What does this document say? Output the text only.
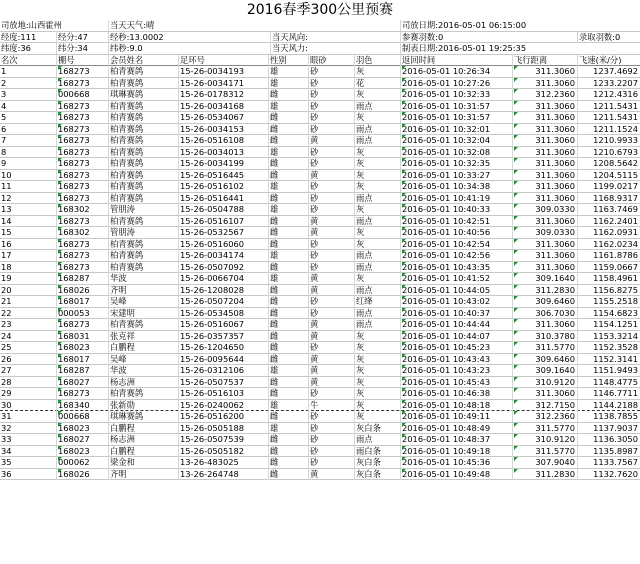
2016春季300公里预赛
司放地:山西霍州	当天天气:晴	司放日期:2016-05-01 06:15:00
经度:111	经分:47	经秒:13.0002	当天风向:	参赛羽数:0	录取羽数:0
纬度:36	纬分:34	纬秒:9.0	当天风力:	制表日期:2016-05-01 19:25:35
名次	棚号	会员姓名	足环号	性别	眼砂	羽色	返回时间	飞行距离	飞速(米/分)
1	168273	柏青赛鸽	15-26-0034193	雄	砂	灰	2016-05-01 10:26:34	311.3060	1237.4692
2	168273	柏青赛鸽	15-26-0034171	雄	砂	花	2016-05-01 10:27:26	311.3060	1233.2207
3	000668	琪琳赛鸽	15-26-0178312	雌	砂	灰	2016-05-01 10:32:33	312.2360	1212.4316
4	168273	柏青赛鸽	15-26-0034168	雄	砂	雨点	2016-05-01 10:31:57	311.3060	1211.5431
5	168273	柏青赛鸽	15-26-0534067	雌	砂	灰	2016-05-01 10:31:57	311.3060	1211.5431
6	168273	柏青赛鸽	15-26-0034153	雌	砂	雨点	2016-05-01 10:32:01	311.3060	1211.1524
7	168273	柏青赛鸽	15-26-0516108	雌	黄	雨点	2016-05-01 10:32:04	311.3060	1210.9933
8	168273	柏青赛鸽	15-26-0034013	雄	砂	灰	2016-05-01 10:32:08	311.3060	1210.6793
9	168273	柏青赛鸽	15-26-0034199	雌	砂	灰	2016-05-01 10:32:35	311.3060	1208.5642
10	168273	柏青赛鸽	15-26-0516445	雌	黄	灰	2016-05-01 10:33:27	311.3060	1204.5115
11	168273	柏青赛鸽	15-26-0516102	雄	砂	灰	2016-05-01 10:34:38	311.3060	1199.0217
12	168273	柏青赛鸽	15-26-0516441	雌	砂	雨点	2016-05-01 10:41:19	311.3060	1168.9317
13	168302	管朋涛	15-26-0504788	雄	砂	灰	2016-05-01 10:40:33	309.0330	1163.7469
14	168273	柏青赛鸽	15-26-0516107	雌	黄	雨点	2016-05-01 10:42:51	311.3060	1162.2401
15	168302	管朋涛	15-26-0532567	雌	黄	灰	2016-05-01 10:40:56	309.0330	1162.0931
16	168273	柏青赛鸽	15-26-0516060	雌	砂	灰	2016-05-01 10:42:54	311.3060	1162.0234
17	168273	柏青赛鸽	15-26-0034174	雄	砂	雨点	2016-05-01 10:42:56	311.3060	1161.8786
18	168273	柏青赛鸽	15-26-0507092	雌	砂	雨点	2016-05-01 10:43:35	311.3060	1159.0667
19	168287	华波	15-26-0066704	雄	黄	灰	2016-05-01 10:41:52	309.1640	1158.4961
20	168026	齐明	15-26-1208028	雌	黄	雨点	2016-05-01 10:44:05	311.2830	1156.8275
21	168017	吴峰	15-26-0507204	雌	砂	红绛	2016-05-01 10:43:02	309.6460	1155.2518
22	000053	宋建明	15-26-0534508	雌	砂	雨点	2016-05-01 10:40:37	306.7030	1154.6823
23	168273	柏青赛鸽	15-26-0516067	雌	黄	雨点	2016-05-01 10:44:44	311.3060	1154.1251
24	168031	张克祥	15-26-0357357	雌	黄	灰	2016-05-01 10:44:07	310.3780	1153.3214
25	168023	白鹏程	15-26-1204650	雌	砂	灰	2016-05-01 10:45:23	311.5770	1152.3528
26	168017	吴峰	15-26-0095644	雌	黄	灰	2016-05-01 10:43:43	309.6460	1152.3141
27	168287	华波	15-26-0312106	雄	黄	灰	2016-05-01 10:43:23	309.1640	1151.9493
28	168027	杨志洲	15-26-0507537	雌	黄	灰	2016-05-01 10:45:43	310.9120	1148.4775
29	168273	柏青赛鸽	15-26-0516103	雌	砂	灰	2016-05-01 10:46:38	311.3060	1146.7711
30	168340	张新勋	15-26-0240062	雄	牛	灰	2016-05-01 10:48:18	312.7150	1144.2188
31	000668	琪琳赛鸽	15-26-0516200	雌	砂	灰	2016-05-01 10:49:11	312.2360	1138.7855
32	168023	白鹏程	15-26-0505188	雄	砂	灰白条	2016-05-01 10:48:49	311.5770	1137.9037
33	168027	杨志洲	15-26-0507539	雌	砂	雨点	2016-05-01 10:48:37	310.9120	1136.3050
34	168023	白鹏程	15-26-0505182	雌	砂	雨白条	2016-05-01 10:49:18	311.5770	1135.8987
35	000062	梁金和	13-26-483025	雌	砂	灰白条	2016-05-01 10:45:36	307.9040	1133.7567
36	168026	齐明	13-26-264748	雌	黄	灰白条	2016-05-01 10:49:48	311.2830	1132.7620
